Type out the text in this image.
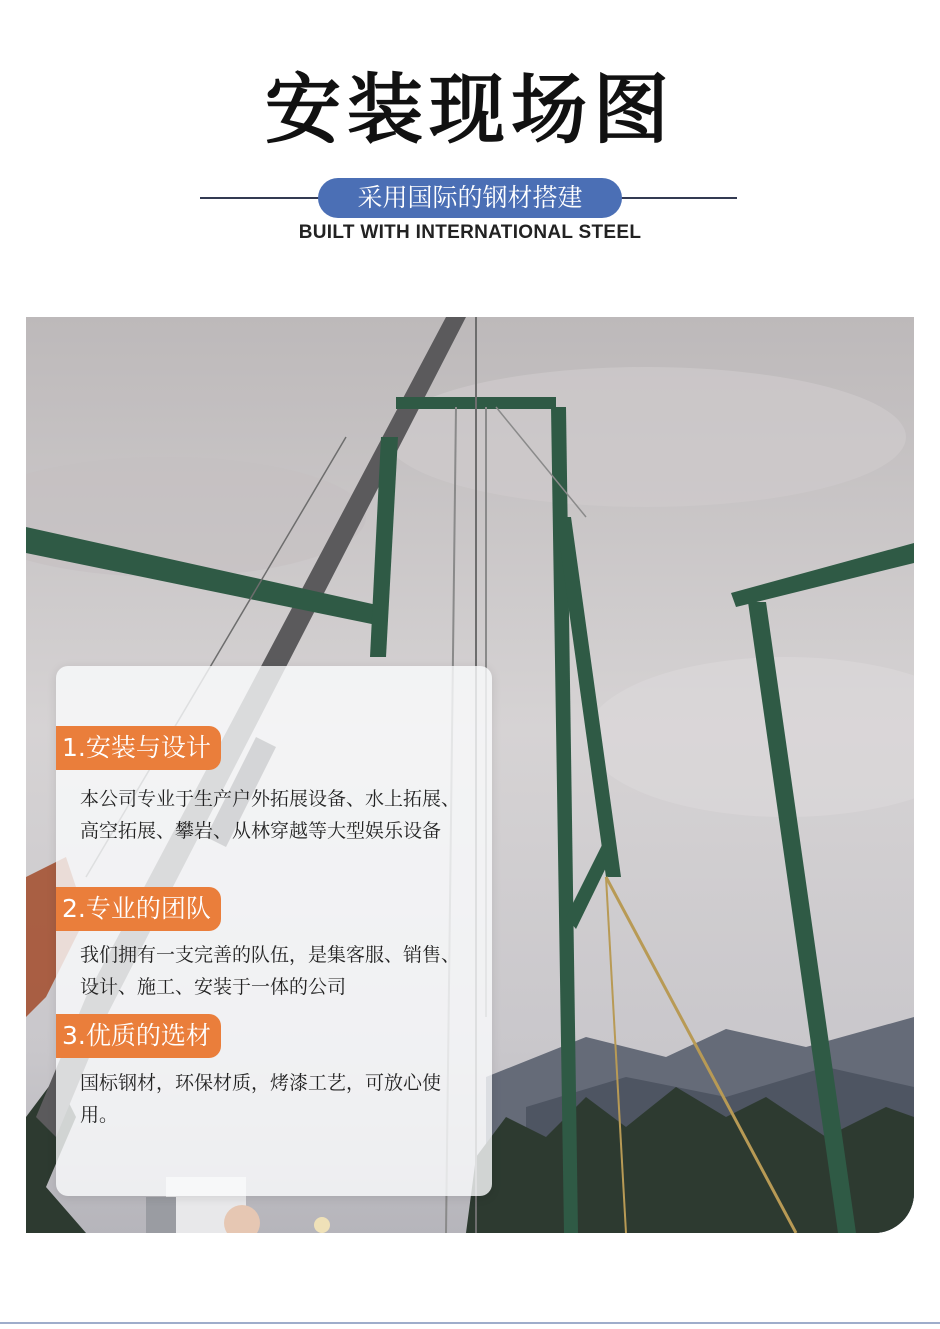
安装现场图
采用国际的钢材搭建
BUILT WITH INTERNATIONAL STEEL
1.安装与设计
本公司专业于生产户外拓展设备、水上拓展、高空拓展、攀岩、从林穿越等大型娱乐设备
2.专业的团队
我们拥有一支完善的队伍，是集客服、销售、设计、施工、安装于一体的公司
3.优质的选材
国标钢材，环保材质，烤漆工艺，可放心使用。
